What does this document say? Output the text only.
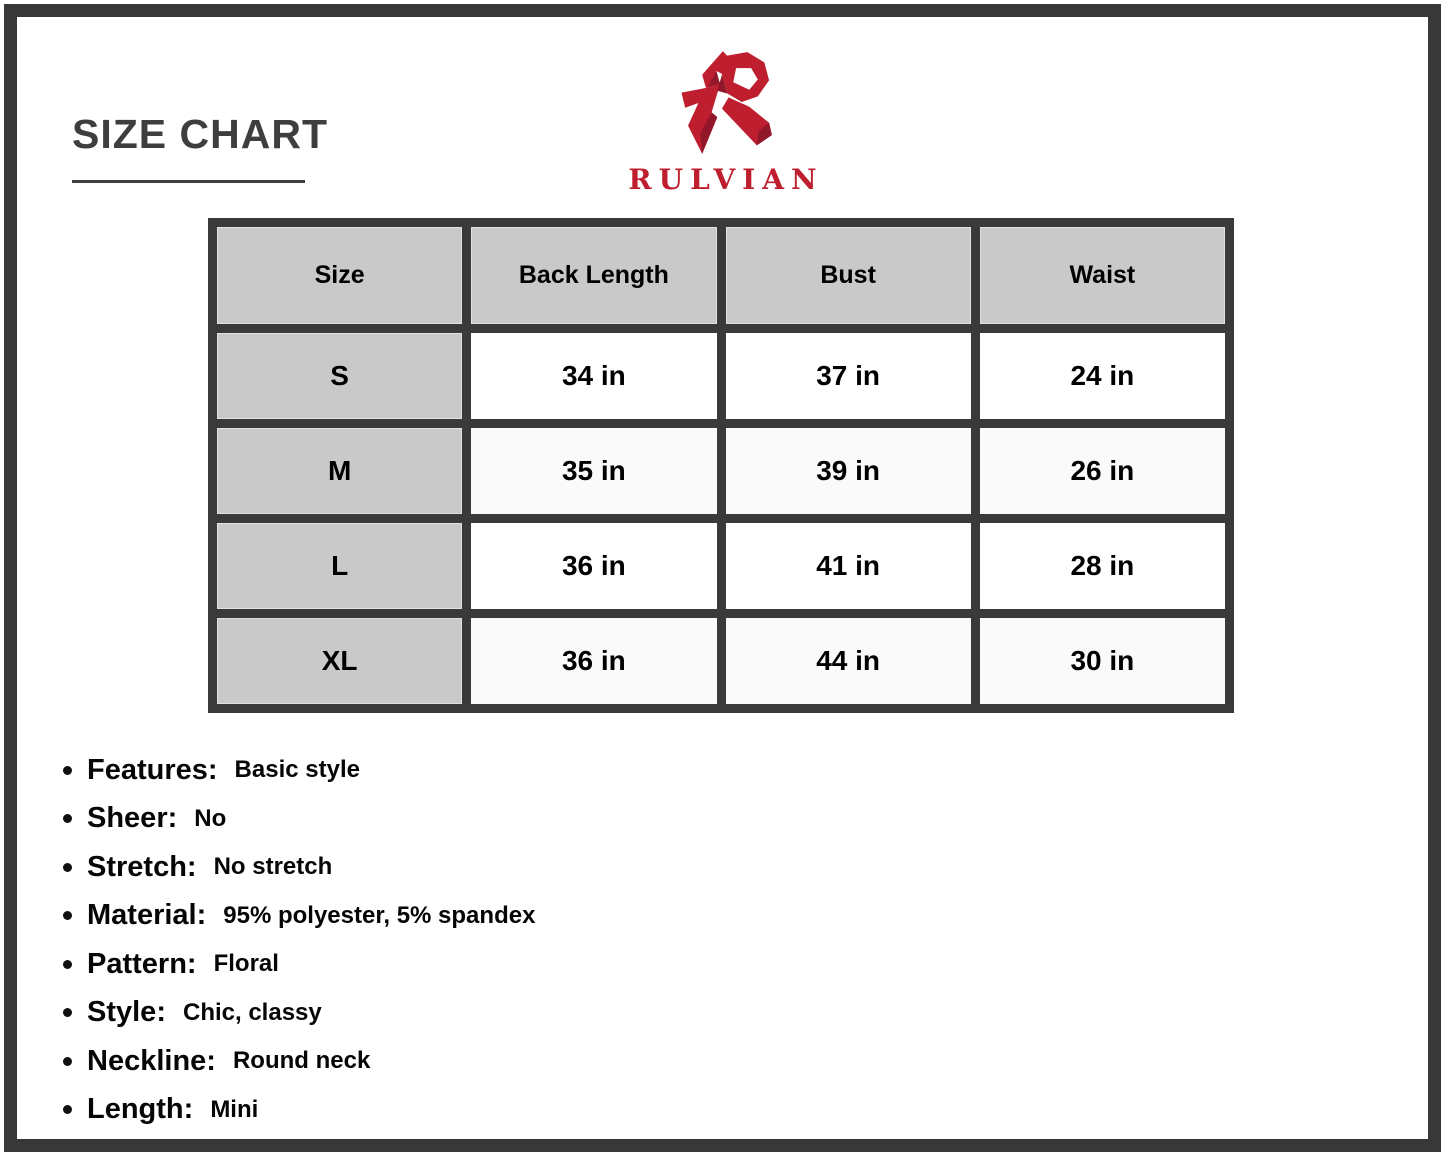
SIZE CHART
RULVIAN
Size	Back Length	Bust	Waist
S	34 in	37 in	24 in
M	35 in	39 in	26 in
L	36 in	41 in	28 in
XL	36 in	44 in	30 in
Features: Basic style
Sheer: No
Stretch: No stretch
Material: 95% polyester, 5% spandex
Pattern: Floral
Style: Chic, classy
Neckline: Round neck
Length: Mini
